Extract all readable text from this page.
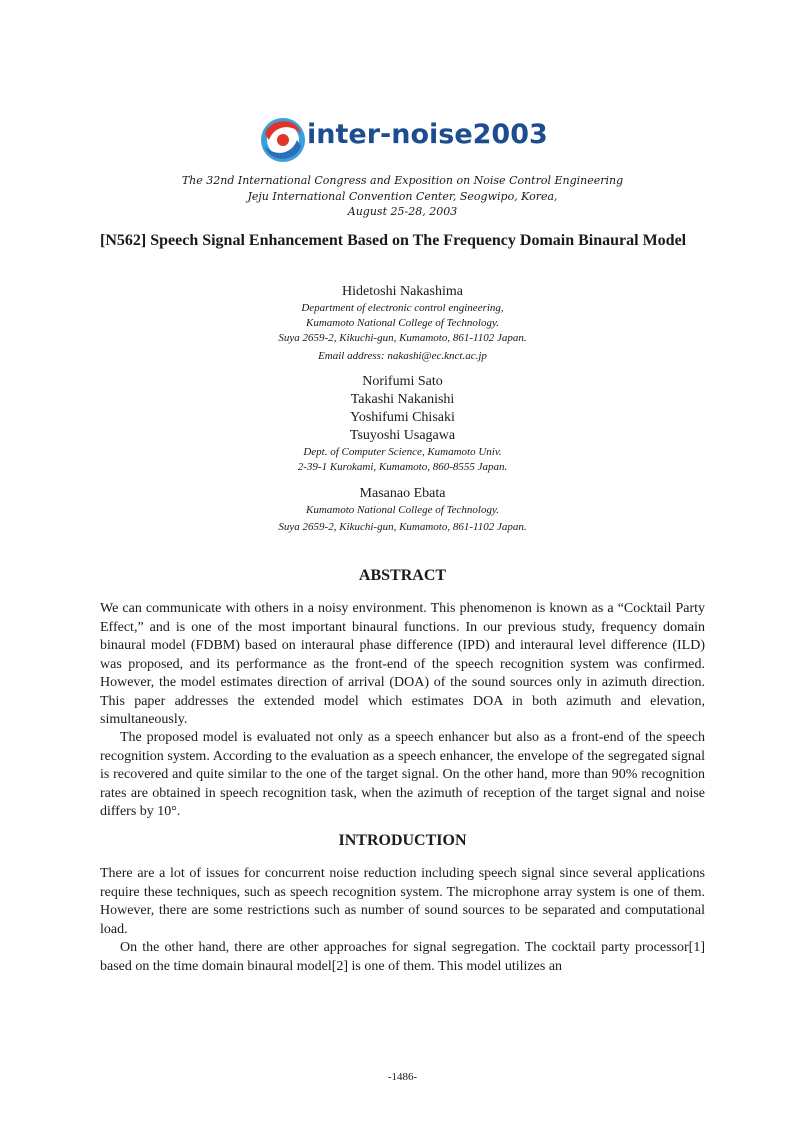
inter-noise2003
The 32nd International Congress and Exposition on Noise Control Engineering
Jeju International Convention Center, Seogwipo, Korea,
August 25-28, 2003
[N562] Speech Signal Enhancement Based on The Frequency Domain Binaural Model
Hidetoshi Nakashima
Department of electronic control engineering,
Kumamoto National College of Technology.
Suya 2659-2, Kikuchi-gun, Kumamoto, 861-1102 Japan.
Email address: nakashi@ec.knct.ac.jp
Norifumi Sato
Takashi Nakanishi
Yoshifumi Chisaki
Tsuyoshi Usagawa
Dept. of Computer Science, Kumamoto Univ.
2-39-1 Kurokami, Kumamoto, 860-8555 Japan.
Masanao Ebata
Kumamoto National College of Technology.
Suya 2659-2, Kikuchi-gun, Kumamoto, 861-1102 Japan.
ABSTRACT

We can communicate with others in a noisy environment. This phenomenon is known as a “Cocktail Party Effect,” and is one of the most important binaural functions. In our previous study, frequency domain binaural model (FDBM) based on interaural phase difference (IPD) and interaural level difference (ILD) was proposed, and its performance as the front-end of the speech recognition system was confirmed. However, the model estimates direction of arrival (DOA) of the sound sources only in azimuth direction. This paper addresses the extended model which estimates DOA in both azimuth and elevation, simultaneously.

The proposed model is evaluated not only as a speech enhancer but also as a front-end of the speech recognition system. According to the evaluation as a speech enhancer, the envelope of the segregated signal is recovered and quite similar to the one of the target signal. On the other hand, more than 90% recognition rates are obtained in speech recognition task, when the azimuth of reception of the target signal and noise differs by 10°.

INTRODUCTION

There are a lot of issues for concurrent noise reduction including speech signal since several applications require these techniques, such as speech recognition system. The microphone array system is one of them. However, there are some restrictions such as number of sound sources to be separated and computational load.

On the other hand, there are other approaches for signal segregation. The cocktail party processor[1] based on the time domain binaural model[2] is one of them. This model utilizes an

-1486-
